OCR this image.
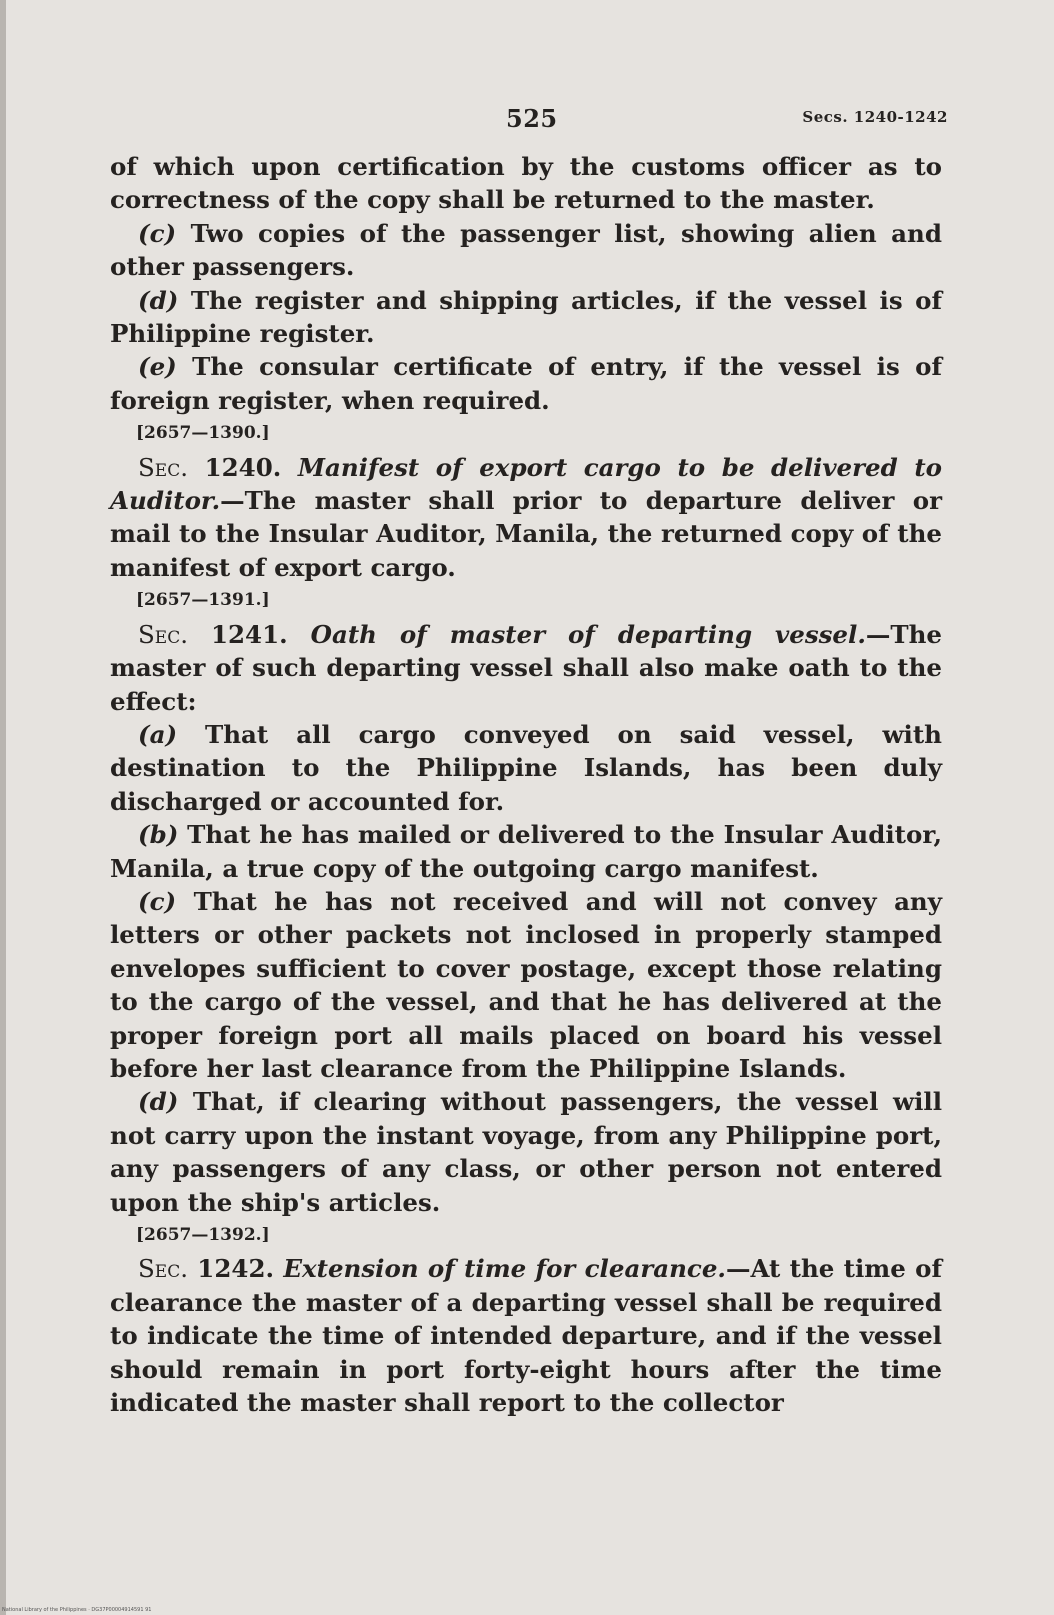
525	Secs. 1240-1242

of which upon certification by the customs officer as to correctness of the copy shall be returned to the master.

(c) Two copies of the passenger list, showing alien and other passengers.

(d) The register and shipping articles, if the vessel is of Philippine register.

(e) The consular certificate of entry, if the vessel is of foreign register, when required.

[2657—1390.]

Sec. 1240. Manifest of export cargo to be delivered to Auditor.—The master shall prior to departure deliver or mail to the Insular Auditor, Manila, the returned copy of the manifest of export cargo.

[2657—1391.]

Sec. 1241. Oath of master of departing vessel.—The master of such departing vessel shall also make oath to the effect:

(a) That all cargo conveyed on said vessel, with destination to the Philippine Islands, has been duly discharged or accounted for.

(b) That he has mailed or delivered to the Insular Auditor, Manila, a true copy of the outgoing cargo manifest.

(c) That he has not received and will not convey any letters or other packets not inclosed in properly stamped envelopes sufficient to cover postage, except those relating to the cargo of the vessel, and that he has delivered at the proper foreign port all mails placed on board his vessel before her last clearance from the Philippine Islands.

(d) That, if clearing without passengers, the vessel will not carry upon the instant voyage, from any Philippine port, any passengers of any class, or other person not entered upon the ship's articles.

[2657—1392.]

Sec. 1242. Extension of time for clearance.—At the time of clearance the master of a departing vessel shall be required to indicate the time of intended departure, and if the vessel should remain in port forty-eight hours after the time indicated the master shall report to the collector

National Library of the Philippines · DG37P00004914591 91
